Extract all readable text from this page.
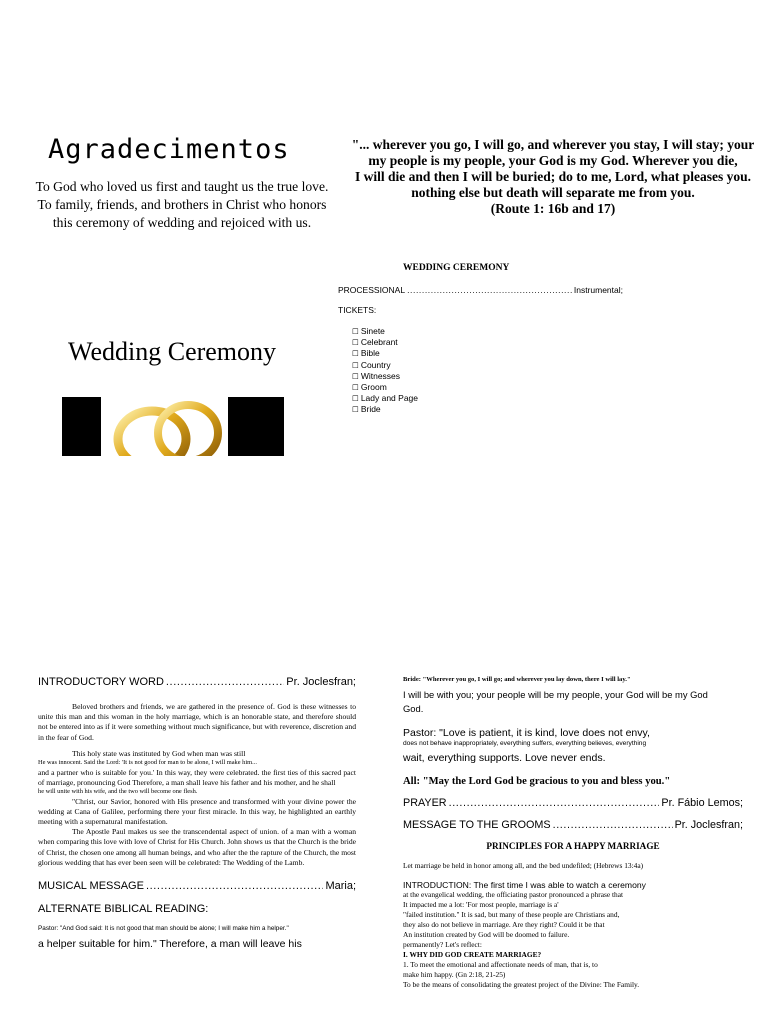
Agradecimentos
To God who loved us first and taught us the true love. To family, friends, and brothers in Christ who honors this ceremony of wedding and rejoiced with us.
Wedding Ceremony
"... wherever you go, I will go, and wherever you stay, I will stay; your
my people is my people, your God is my God. Wherever you die,
I will die and then I will be buried; do to me, Lord, what pleases you.
nothing else but death will separate me from you.
(Route 1: 16b and 17)
WEDDING CEREMONY
PROCESSIONAL .....	Instrumental;
TICKETS:
☐ Sinete
☐ Celebrant
☐ Bible
☐ Country
☐ Witnesses
☐ Groom
☐ Lady and Page
☐ Bride
INTRODUCTORY WORD .....	Pr. Joclesfran;
Beloved brothers and friends, we are gathered in the presence of. God is these witnesses to unite this man and this woman in the holy marriage, which is an honorable state, and therefore should not be entered into as if it were something without much significance, but with reverence, discretion and in the fear of God.
This holy state was instituted by God when man was still
He was innocent. Said the Lord: 'It is not good for man to be alone, I will make him...
and a partner who is suitable for you.' In this way, they were celebrated. the first ties of this sacred pact of marriage, pronouncing God Therefore, a man shall leave his father and his mother, and he shall
he will unite with his wife, and the two will become one flesh.
"Christ, our Savior, honored with His presence and transformed with your divine power the wedding at Cana of Galilee, performing there your first miracle. In this way, he highlighted an earthly meeting with a supernatural manifestation.
The Apostle Paul makes us see the transcendental aspect of union. of a man with a woman when comparing this love with love of Christ for His Church. John shows us that the Church is the bride of Christ, the chosen one among all human beings, and who after the the rapture of the Church, the most glorious wedding that has ever been seen will be celebrated: The Wedding of the Lamb.
MUSICAL MESSAGE .....	Maria;
ALTERNATE BIBLICAL READING:
Pastor: "And God said: It is not good that man should be alone; I will make him a helper."
a helper suitable for him." Therefore, a man will leave his
Bride: "Wherever you go, I will go; and wherever you lay down, there I will lay."
I will be with you; your people will be my people, your God will be my God
God.
Pastor: "Love is patient, it is kind, love does not envy,
does not behave inappropriately, everything suffers, everything believes, everything
wait, everything supports. Love never ends.
All: "May the Lord God be gracious to you and bless you."
PRAYER .....	Pr. Fábio Lemos;
MESSAGE TO THE GROOMS .....	Pr. Joclesfran;
PRINCIPLES FOR A HAPPY MARRIAGE
Let marriage be held in honor among all, and the bed undefiled; (Hebrews 13:4a)
INTRODUCTION: The first time I was able to watch a ceremony
at the evangelical wedding, the officiating pastor pronounced a phrase that
It impacted me a lot: 'For most people, marriage is a'
"failed institution." It is sad, but many of these people are Christians and,
they also do not believe in marriage. Are they right? Could it be that
An institution created by God will be doomed to failure.
permanently? Let's reflect:
I. WHY DID GOD CREATE MARRIAGE?
1. To meet the emotional and affectionate needs of man, that is, to
make him happy. (Gn 2:18, 21-25)
To be the means of consolidating the greatest project of the Divine: The Family.
